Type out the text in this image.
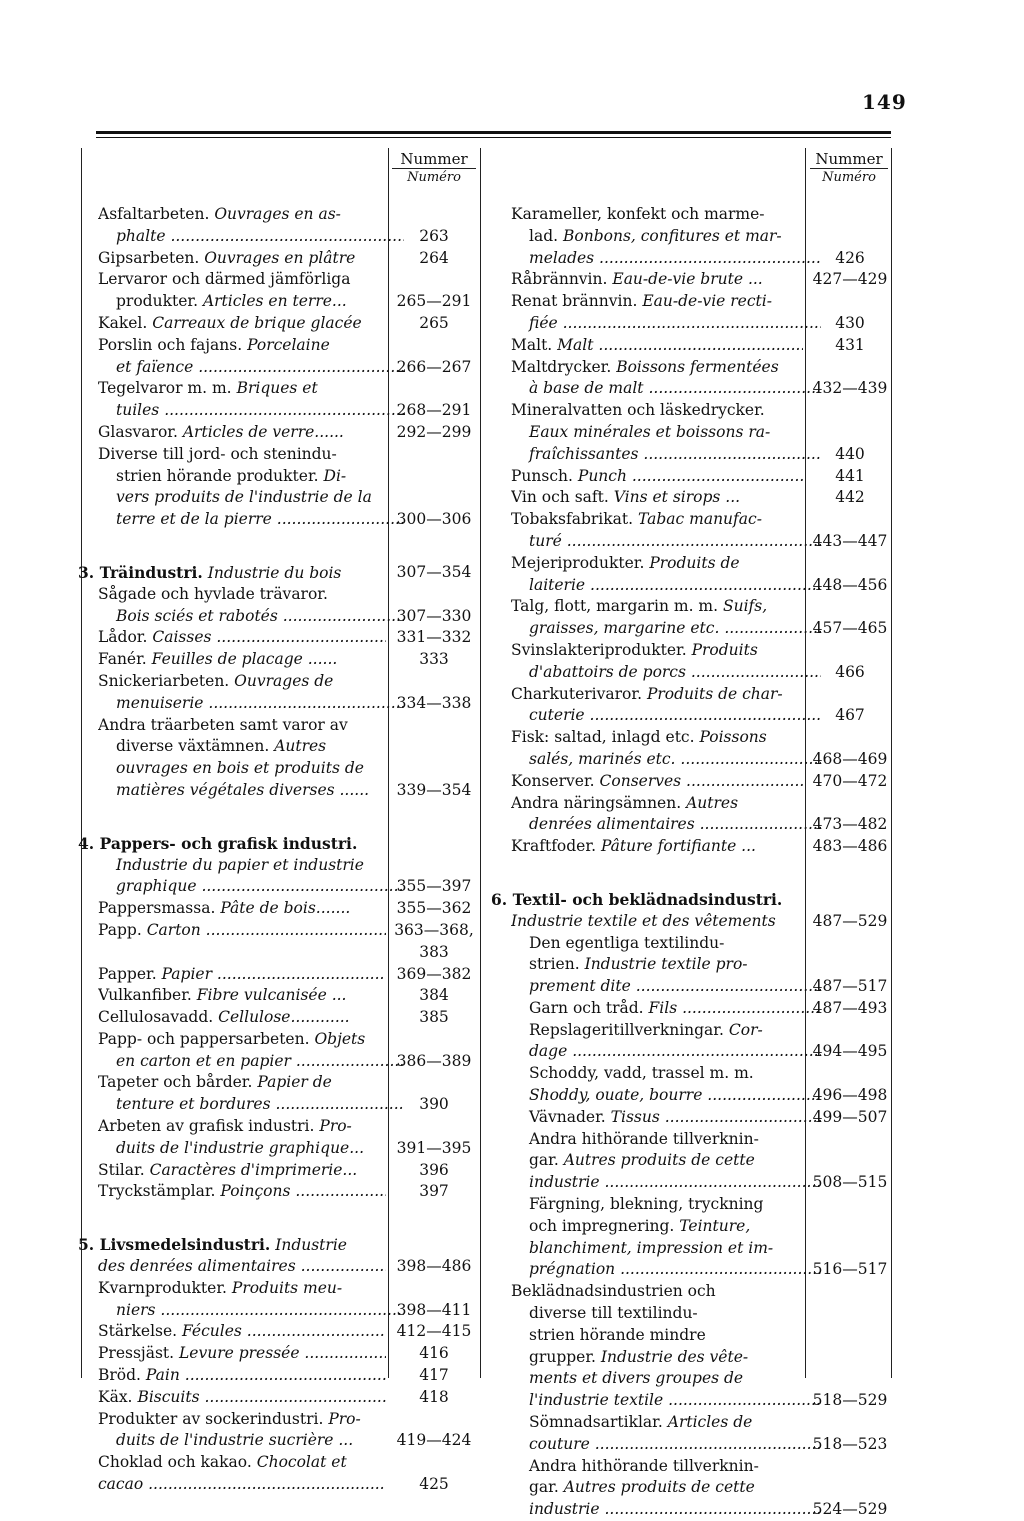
149
Nummer
Numéro
Nummer
Numéro
Asfaltarbeten. Ouvrages en as-
phalte .....	263
Gipsarbeten. Ouvrages en plâtre	264
Lervaror och därmed jämförliga
produkter. Articles en terre...	265—291
Kakel. Carreaux de brique glacée	265
Porslin och fajans. Porcelaine
et faïence .....	266—267
Tegelvaror m. m. Briques et
tuiles .....	268—291
Glasvaror. Articles de verre......	292—299
Diverse till jord- och stenindu-
strien hörande produkter. Di-
vers produits de l'industrie de la
terre et de la pierre .....	300—306
3. Träindustri. Industrie du bois	307—354
Sågade och hyvlade trävaror.
Bois sciés et rabotés .....	307—330
Lådor. Caisses .....	331—332
Fanér. Feuilles de placage ......	333
Snickeriarbeten. Ouvrages de
menuiserie .....	334—338
Andra träarbeten samt varor av
diverse växtämnen. Autres
ouvrages en bois et produits de
matières végétales diverses ......	339—354
4. Pappers- och grafisk industri.
Industrie du papier et industrie
graphique .....	355—397
Pappersmassa. Pâte de bois.......	355—362
Papp. Carton .....	363—368,
383
Papper. Papier .....	369—382
Vulkanfiber. Fibre vulcanisée ...	384
Cellulosavadd. Cellulose............	385
Papp- och pappersarbeten. Objets
en carton et en papier .....	386—389
Tapeter och bårder. Papier de
tenture et bordures .....	390
Arbeten av grafisk industri. Pro-
duits de l'industrie graphique...	391—395
Stilar. Caractères d'imprimerie...	396
Tryckstämplar. Poinçons .....	397
5. Livsmedelsindustri. Industrie
des denrées alimentaires .....	398—486
Kvarnprodukter. Produits meu-
niers .....	398—411
Stärkelse. Fécules .....	412—415
Pressjäst. Levure pressée .....	416
Bröd. Pain .....	417
Käx. Biscuits .....	418
Produkter av sockerindustri. Pro-
duits de l'industrie sucrière ...	419—424
Choklad och kakao. Chocolat et
cacao .....	425
Karameller, konfekt och marme-
lad. Bonbons, confitures et mar-
melades .....	426
Råbrännvin. Eau-de-vie brute ...	427—429
Renat brännvin. Eau-de-vie recti-
fiée .....	430
Malt. Malt .....	431
Maltdrycker. Boissons fermentées
à base de malt .....	432—439
Mineralvatten och läskedrycker.
Eaux minérales et boissons ra-
fraîchissantes .....	440
Punsch. Punch .....	441
Vin och saft. Vins et sirops ...	442
Tobaksfabrikat. Tabac manufac-
turé .....	443—447
Mejeriprodukter. Produits de
laiterie .....	448—456
Talg, flott, margarin m. m. Suifs,
graisses, margarine etc. .....	457—465
Svinslakteriprodukter. Produits
d'abattoirs de porcs .....	466
Charkuterivaror. Produits de char-
cuterie .....	467
Fisk: saltad, inlagd etc. Poissons
salés, marinés etc. .....	468—469
Konserver. Conserves .....	470—472
Andra näringsämnen. Autres
denrées alimentaires .....	473—482
Kraftfoder. Pâture fortifiante ...	483—486
6. Textil- och beklädnadsindustri.
Industrie textile et des vêtements	487—529
Den egentliga textilindu-
strien. Industrie textile pro-
prement dite .....	487—517
Garn och tråd. Fils .....	487—493
Repslageritillverkningar. Cor-
dage .....	494—495
Schoddy, vadd, trassel m. m.
Shoddy, ouate, bourre .....	496—498
Vävnader. Tissus .....	499—507
Andra hithörande tillverknin-
gar. Autres produits de cette
industrie .....	508—515
Färgning, blekning, tryckning
och impregnering. Teinture,
blanchiment, impression et im-
prégnation .....	516—517
Beklädnadsindustrien och
diverse till textilindu-
strien hörande mindre
grupper. Industrie des vête-
ments et divers groupes de
l'industrie textile .....	518—529
Sömnadsartiklar. Articles de
couture .....	518—523
Andra hithörande tillverknin-
gar. Autres produits de cette
industrie .....	524—529
